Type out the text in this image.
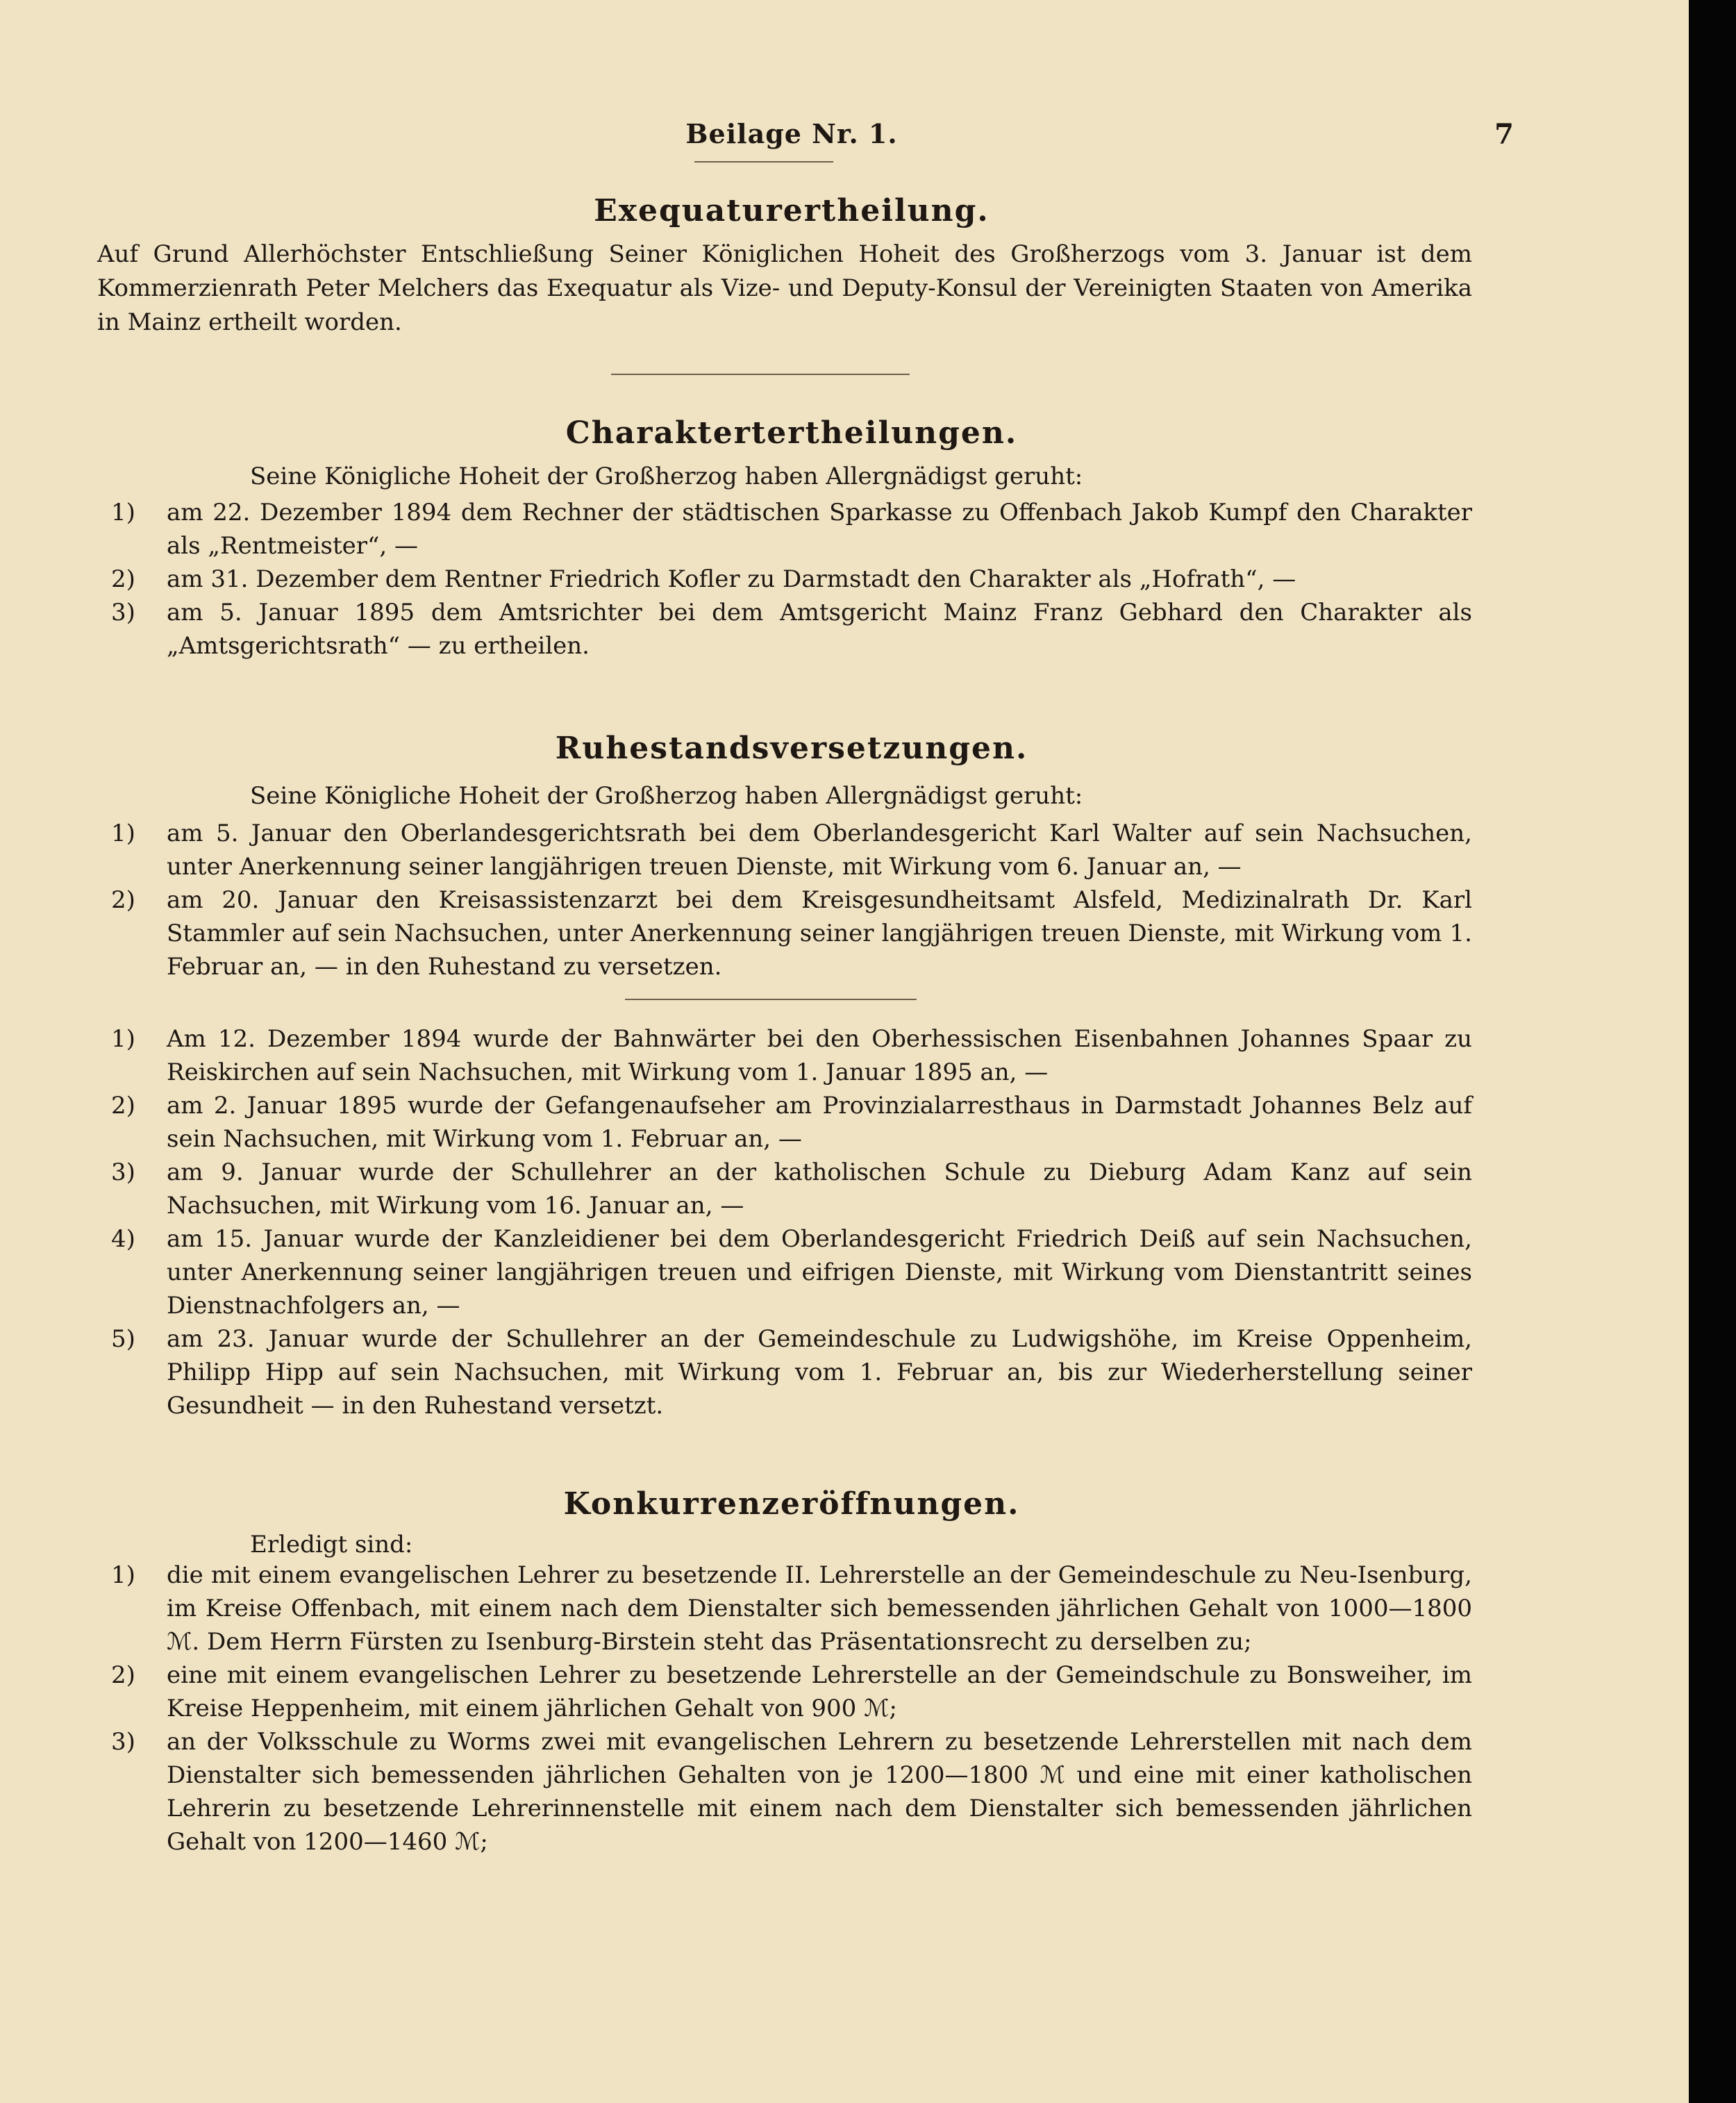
Beilage Nr. 1.	7
Exequaturertheilung.

Auf Grund Allerhöchster Entschließung Seiner Königlichen Hoheit des Großherzogs vom 3. Januar ist dem Kommerzienrath Peter Melchers das Exequatur als Vize- und Deputy-Konsul der Vereinigten Staaten von Amerika in Mainz ertheilt worden.

Charaktertertheilungen.

Seine Königliche Hoheit der Großherzog haben Allergnädigst geruht:

1)	am 22. Dezember 1894 dem Rechner der städtischen Sparkasse zu Offenbach Jakob Kumpf den Charakter als „Rentmeister“, —
2)	am 31. Dezember dem Rentner Friedrich Kofler zu Darmstadt den Charakter als „Hofrath“, —
3)	am 5. Januar 1895 dem Amtsrichter bei dem Amtsgericht Mainz Franz Gebhard den Charakter als „Amtsgerichtsrath“ — zu ertheilen.
Ruhestandsversetzungen.

Seine Königliche Hoheit der Großherzog haben Allergnädigst geruht:

1)	am 5. Januar den Oberlandesgerichtsrath bei dem Oberlandesgericht Karl Walter auf sein Nachsuchen, unter Anerkennung seiner langjährigen treuen Dienste, mit Wirkung vom 6. Januar an, —
2)	am 20. Januar den Kreisassistenzarzt bei dem Kreisgesundheitsamt Alsfeld, Medizinalrath Dr. Karl Stammler auf sein Nachsuchen, unter Anerkennung seiner langjährigen treuen Dienste, mit Wirkung vom 1. Februar an, — in den Ruhestand zu versetzen.
1)	Am 12. Dezember 1894 wurde der Bahnwärter bei den Oberhessischen Eisenbahnen Johannes Spaar zu Reiskirchen auf sein Nachsuchen, mit Wirkung vom 1. Januar 1895 an, —
2)	am 2. Januar 1895 wurde der Gefangenaufseher am Provinzialarresthaus in Darmstadt Johannes Belz auf sein Nachsuchen, mit Wirkung vom 1. Februar an, —
3)	am 9. Januar wurde der Schullehrer an der katholischen Schule zu Dieburg Adam Kanz auf sein Nachsuchen, mit Wirkung vom 16. Januar an, —
4)	am 15. Januar wurde der Kanzleidiener bei dem Oberlandesgericht Friedrich Deiß auf sein Nachsuchen, unter Anerkennung seiner langjährigen treuen und eifrigen Dienste, mit Wirkung vom Dienstantritt seines Dienstnachfolgers an, —
5)	am 23. Januar wurde der Schullehrer an der Gemeindeschule zu Ludwigshöhe, im Kreise Oppenheim, Philipp Hipp auf sein Nachsuchen, mit Wirkung vom 1. Februar an, bis zur Wiederherstellung seiner Gesundheit — in den Ruhestand versetzt.
Konkurrenzeröffnungen.

Erledigt sind:

1)	die mit einem evangelischen Lehrer zu besetzende II. Lehrerstelle an der Gemeindeschule zu Neu-Isenburg, im Kreise Offenbach, mit einem nach dem Dienstalter sich bemessenden jährlichen Gehalt von 1000—1800 ℳ. Dem Herrn Fürsten zu Isenburg-Birstein steht das Präsentationsrecht zu derselben zu;
2)	eine mit einem evangelischen Lehrer zu besetzende Lehrerstelle an der Gemeindschule zu Bonsweiher, im Kreise Heppenheim, mit einem jährlichen Gehalt von 900 ℳ;
3)	an der Volksschule zu Worms zwei mit evangelischen Lehrern zu besetzende Lehrerstellen mit nach dem Dienstalter sich bemessenden jährlichen Gehalten von je 1200—1800 ℳ und eine mit einer katholischen Lehrerin zu besetzende Lehrerinnenstelle mit einem nach dem Dienstalter sich bemessenden jährlichen Gehalt von 1200—1460 ℳ;
